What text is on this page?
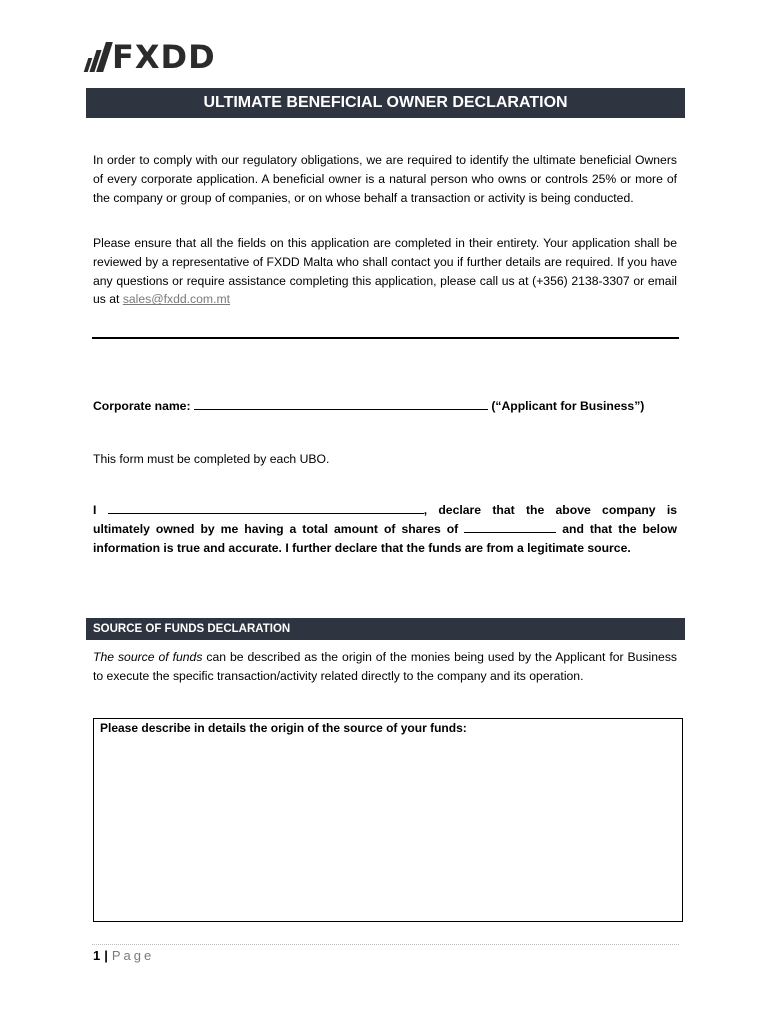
FXDD
ULTIMATE BENEFICIAL OWNER DECLARATION

In order to comply with our regulatory obligations, we are required to identify the ultimate beneficial Owners of every corporate application. A beneficial owner is a natural person who owns or controls 25% or more of the company or group of companies, or on whose behalf a transaction or activity is being conducted.

Please ensure that all the fields on this application are completed in their entirety. Your application shall be reviewed by a representative of FXDD Malta who shall contact you if further details are required. If you have any questions or require assistance completing this application, please call us at (+356) 2138-3307 or email us at sales@fxdd.com.mt

Corporate name:	(“Applicant for Business”)

This form must be completed by each UBO.

I	, declare that the above company is ultimately owned by me having a total amount of shares of	and that the below information is true and accurate. I further declare that the funds are from a legitimate source.

SOURCE OF FUNDS DECLARATION

The source of funds can be described as the origin of the monies being used by the Applicant for Business to execute the specific transaction/activity related directly to the company and its operation.

Please describe in details the origin of the source of your funds:
1 | Page
